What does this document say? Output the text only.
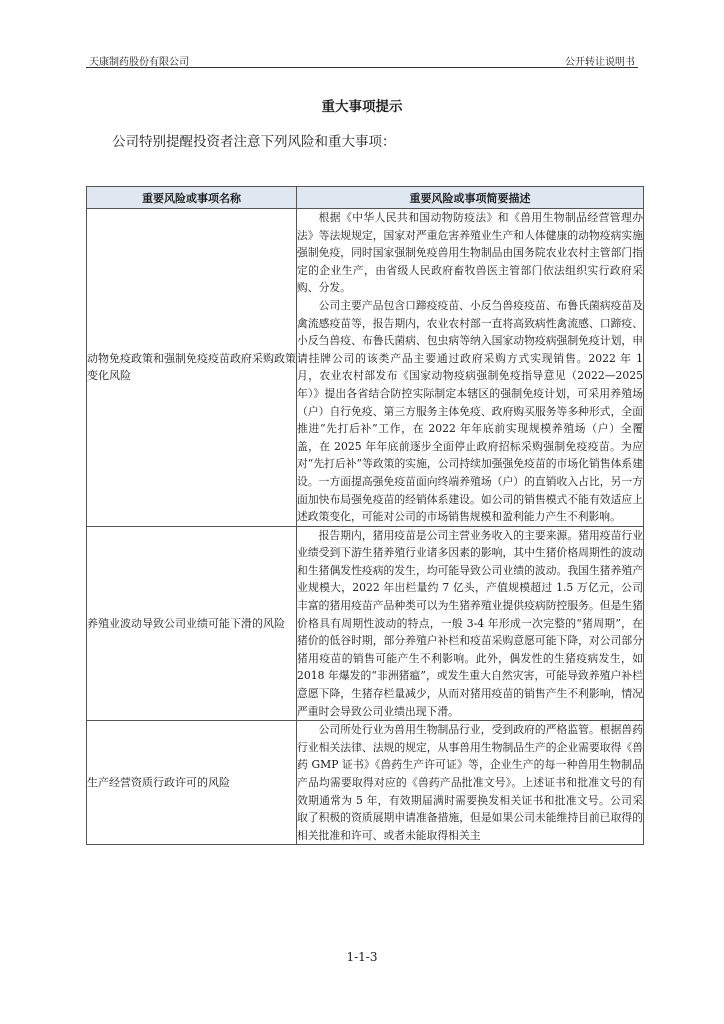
天康制药股份有限公司	公开转让说明书
重大事项提示
公司特别提醒投资者注意下列风险和重大事项：
重要风险或事项名称	重要风险或事项简要描述
动物免疫政策和强制免疫疫苗政府采购政策变化风险	根据《中华人民共和国动物防疫法》和《兽用生物制品经营管理办法》等法规规定，国家对严重危害养殖业生产和人体健康的动物疫病实施强制免疫，同时国家强制免疫兽用生物制品由国务院农业农村主管部门指定的企业生产，由省级人民政府畜牧兽医主管部门依法组织实行政府采购、分发。

公司主要产品包含口蹄疫疫苗、小反刍兽疫疫苗、布鲁氏菌病疫苗及禽流感疫苗等，报告期内，农业农村部一直将高致病性禽流感、口蹄疫、小反刍兽疫、布鲁氏菌病、包虫病等纳入国家动物疫病强制免疫计划，申请挂牌公司的该类产品主要通过政府采购方式实现销售。2022 年 1 月，农业农村部发布《国家动物疫病强制免疫指导意见（2022—2025 年）》提出各省结合防控实际制定本辖区的强制免疫计划，可采用养殖场（户）自行免疫、第三方服务主体免疫、政府购买服务等多种形式，全面推进“先打后补”工作，在 2022 年年底前实现规模养殖场（户）全覆盖，在 2025 年年底前逐步全面停止政府招标采购强制免疫疫苗。为应对“先打后补”等政策的实施，公司持续加强强免疫苗的市场化销售体系建设。一方面提高强免疫苗面向终端养殖场（户）的直销收入占比，另一方面加快布局强免疫苗的经销体系建设。如公司的销售模式不能有效适应上述政策变化，可能对公司的市场销售规模和盈利能力产生不利影响。

养殖业波动导致公司业绩可能下滑的风险	报告期内，猪用疫苗是公司主营业务收入的主要来源。猪用疫苗行业业绩受到下游生猪养殖行业诸多因素的影响，其中生猪价格周期性的波动和生猪偶发性疫病的发生，均可能导致公司业绩的波动。我国生猪养殖产业规模大，2022 年出栏量约 7 亿头，产值规模超过 1.5 万亿元，公司丰富的猪用疫苗产品种类可以为生猪养殖业提供疫病防控服务。但是生猪价格具有周期性波动的特点，一般 3-4 年形成一次完整的“猪周期”，在猪价的低谷时期，部分养殖户补栏和疫苗采购意愿可能下降，对公司部分猪用疫苗的销售可能产生不利影响。此外，偶发性的生猪疫病发生，如 2018 年爆发的“非洲猪瘟”，或发生重大自然灾害，可能导致养殖户补栏意愿下降，生猪存栏量减少，从而对猪用疫苗的销售产生不利影响，情况严重时会导致公司业绩出现下滑。

生产经营资质行政许可的风险	公司所处行业为兽用生物制品行业，受到政府的严格监管。根据兽药行业相关法律、法规的规定，从事兽用生物制品生产的企业需要取得《兽药 GMP 证书》《兽药生产许可证》等，企业生产的每一种兽用生物制品产品均需要取得对应的《兽药产品批准文号》。上述证书和批准文号的有效期通常为 5 年，有效期届满时需要换发相关证书和批准文号。公司采取了积极的资质展期申请准备措施，但是如果公司未能维持目前已取得的相关批准和许可、或者未能取得相关主

1-1-3
